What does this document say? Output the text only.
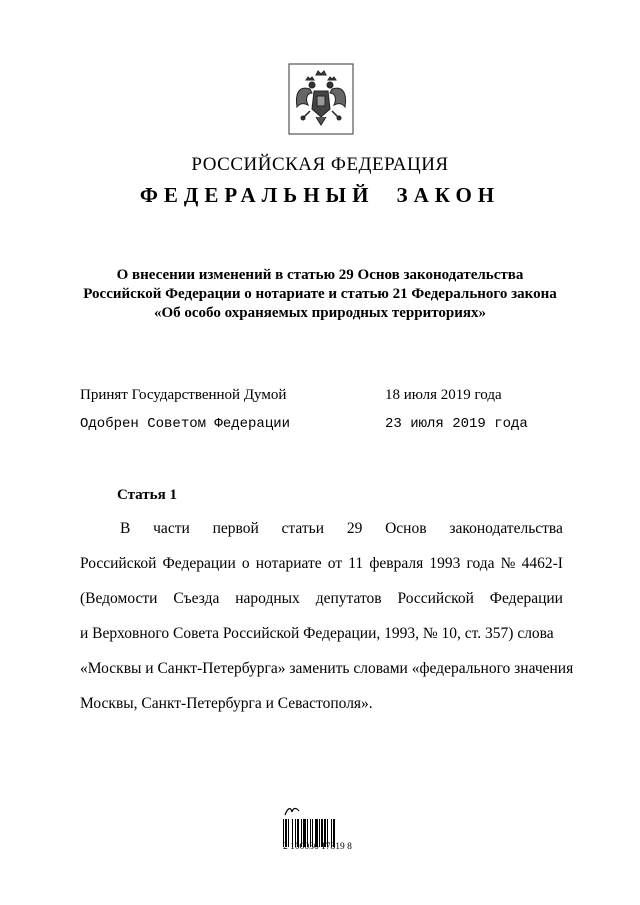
РОССИЙСКАЯ ФЕДЕРАЦИЯ
ФЕДЕРАЛЬНЫЙ ЗАКОН
О внесении изменений в статью 29 Основ законодательства
Российской Федерации о нотариате и статью 21 Федерального закона
«Об особо охраняемых природных территориях»
Принят Государственной Думой	18 июля 2019 года
Одобрен Советом Федерации	23 июля 2019 года
Статья 1
В части первой статьи 29 Основ законодательства
Российской Федерации о нотариате от 11 февраля 1993 года № 4462-I
(Ведомости Съезда народных депутатов Российской Федерации
и Верховного Совета Российской Федерации, 1993, № 10, ст. 357) слова
«Москвы и Санкт-Петербурга» заменить словами «федерального значения
Москвы, Санкт-Петербурга и Севастополя».
2 100036 17819 8
